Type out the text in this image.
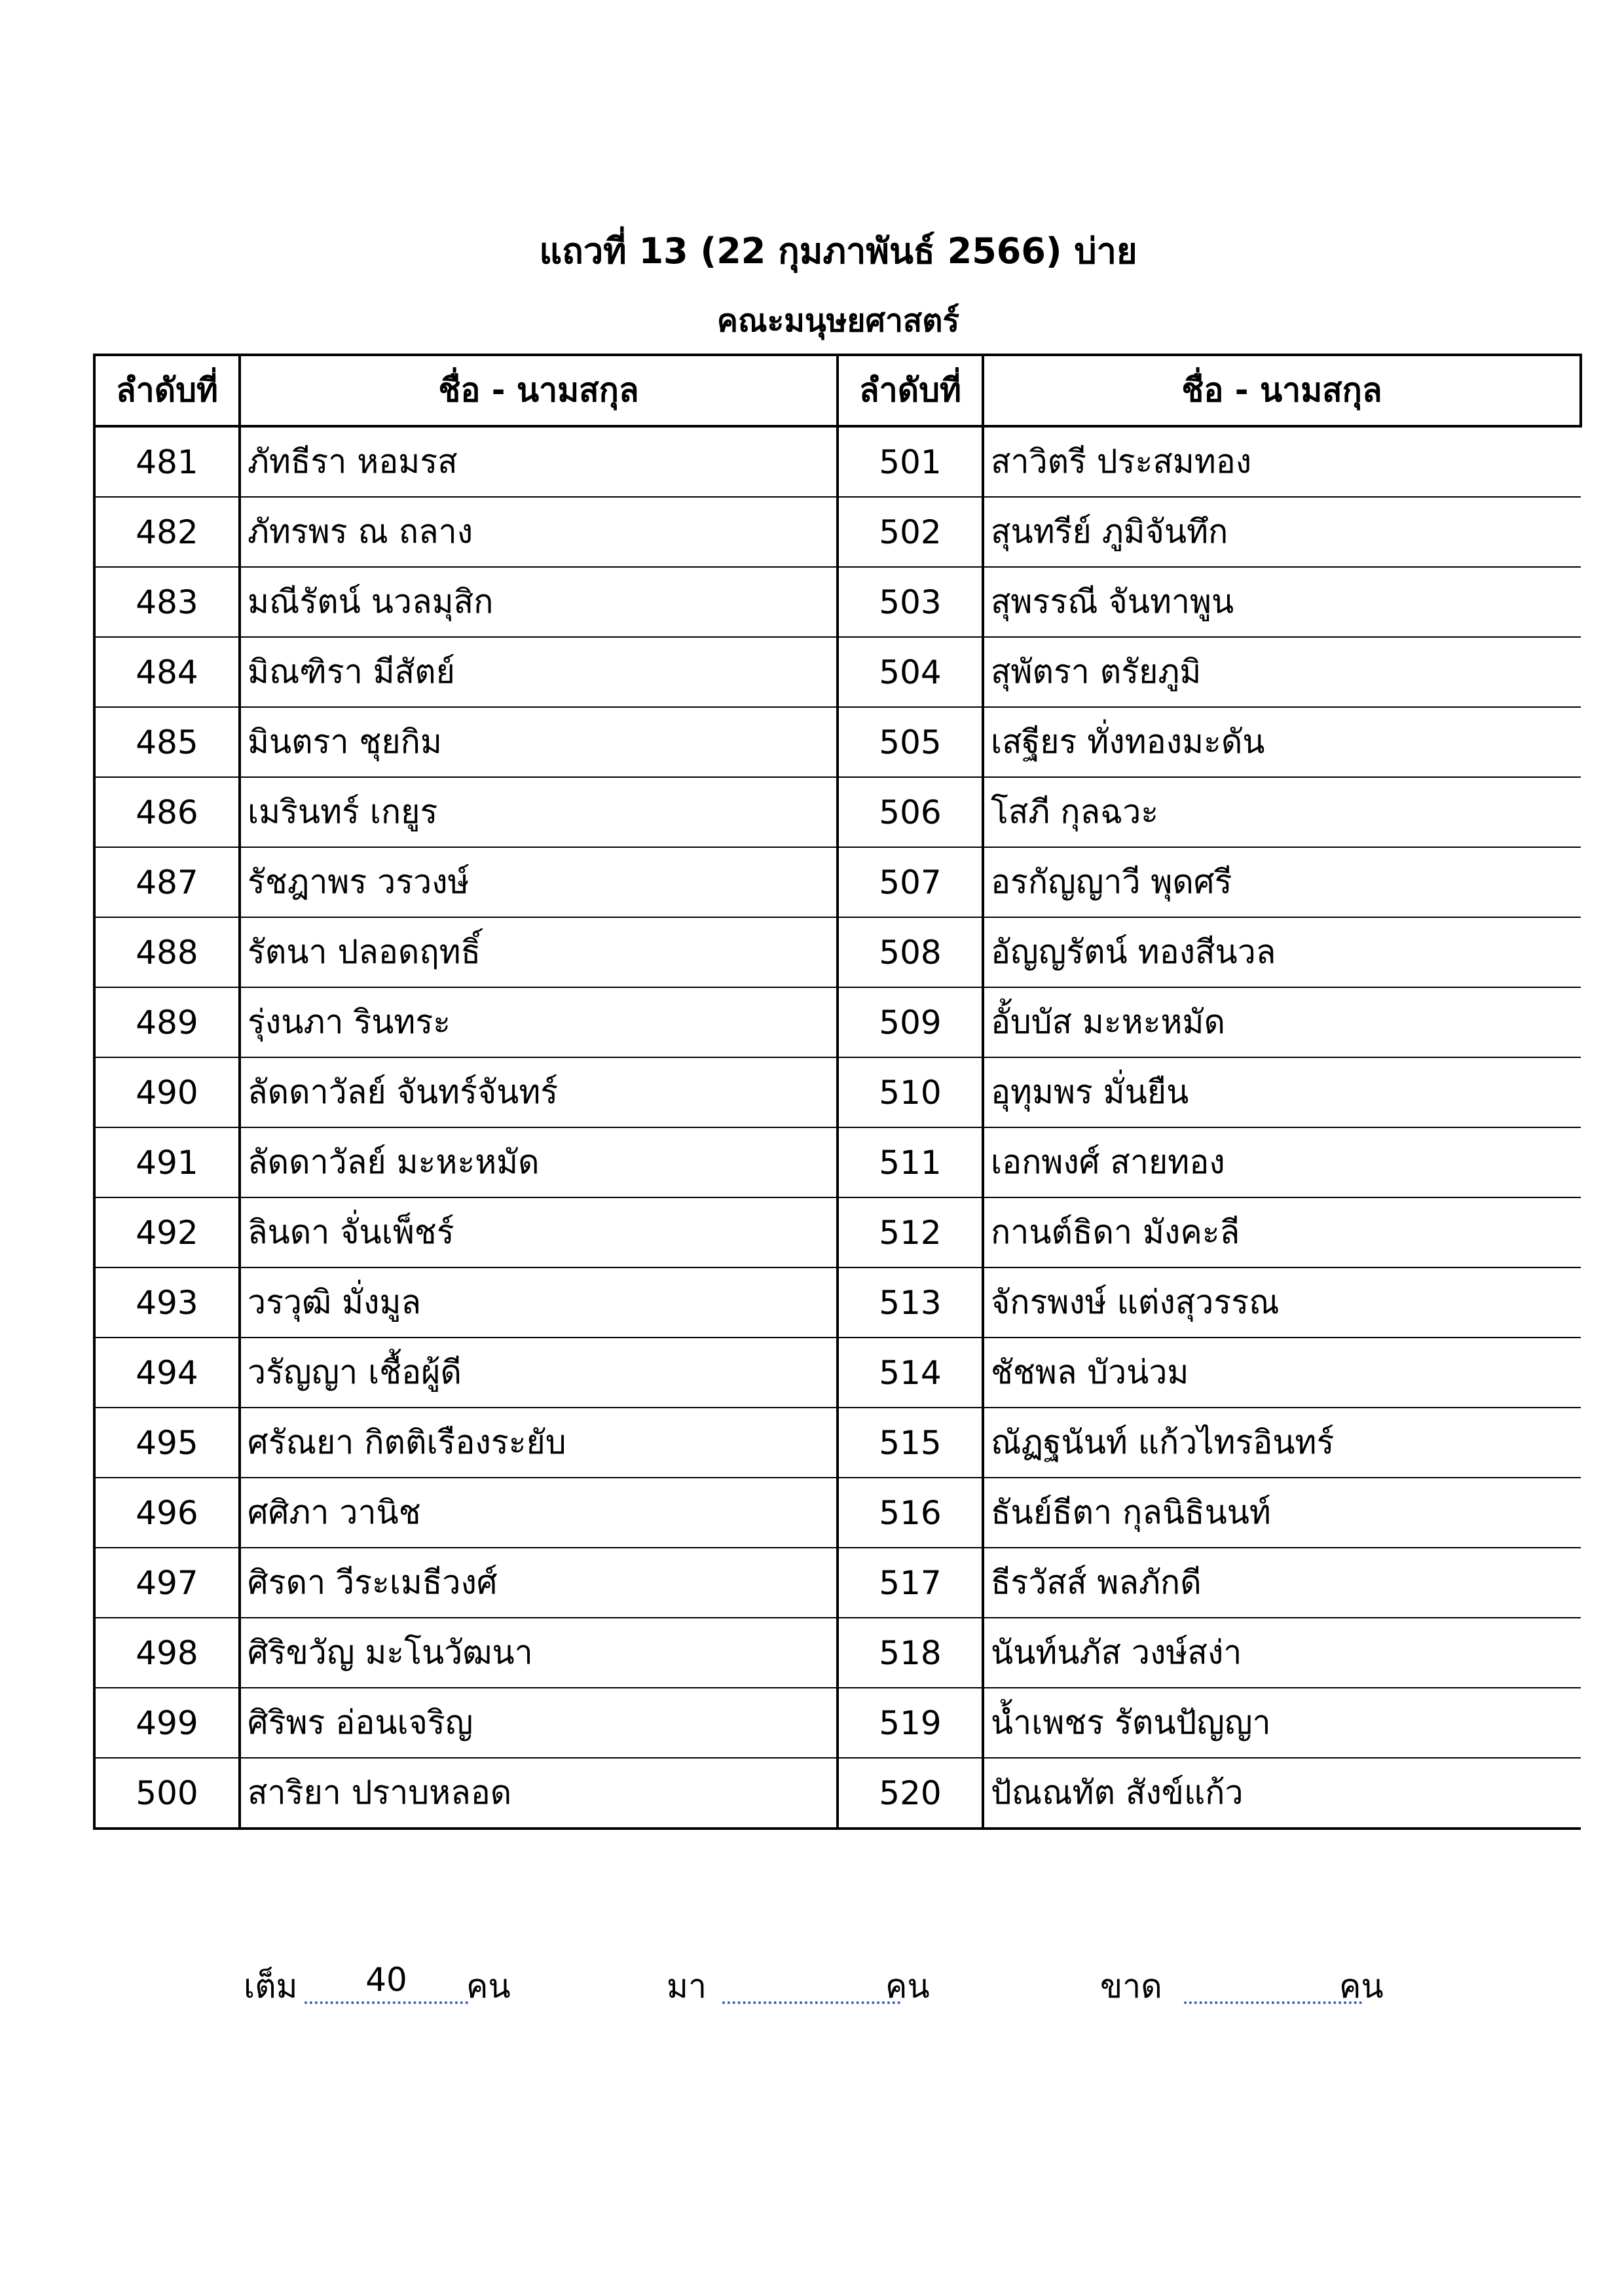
แถวที่ 13 (22 กุมภาพันธ์ 2566) บ่าย
คณะมนุษยศาสตร์
ลำดับที่	ชื่อ - นามสกุล	ลำดับที่	ชื่อ - นามสกุล
481	ภัทธีรา หอมรส	501	สาวิตรี ประสมทอง
482	ภัทรพร ณ ถลาง	502	สุนทรีย์ ภูมิจันทึก
483	มณีรัตน์ นวลมุสิก	503	สุพรรณี จันทาพูน
484	มิณฑิรา มีสัตย์	504	สุพัตรา ตรัยภูมิ
485	มินตรา ชุยกิม	505	เสฐียร ทั่งทองมะดัน
486	เมรินทร์ เกยูร	506	โสภี กุลฉวะ
487	รัชฎาพร วรวงษ์	507	อรกัญญาวี พุดศรี
488	รัตนา ปลอดฤทธิ์	508	อัญญรัตน์ ทองสีนวล
489	รุ่งนภา รินทระ	509	อั้บบัส มะหะหมัด
490	ลัดดาวัลย์ จันทร์จันทร์	510	อุทุมพร มั่นยืน
491	ลัดดาวัลย์ มะหะหมัด	511	เอกพงศ์ สายทอง
492	ลินดา จั่นเพ็ชร์	512	กานต์ธิดา มังคะลี
493	วรวุฒิ มั่งมูล	513	จักรพงษ์ แต่งสุวรรณ
494	วรัญญา เชื้อผู้ดี	514	ชัชพล บัวน่วม
495	ศรัณยา กิตติเรืองระยับ	515	ณัฏฐนันท์ แก้วไทรอินทร์
496	ศศิภา วานิช	516	ธันย์ธีตา กุลนิธินนท์
497	ศิรดา วีระเมธีวงศ์	517	ธีรวัสส์ พลภักดี
498	ศิริขวัญ มะโนวัฒนา	518	นันท์นภัส วงษ์สง่า
499	ศิริพร อ่อนเจริญ	519	น้ำเพชร รัตนปัญญา
500	สาริยา ปราบหลอด	520	ปัณณทัต สังข์แก้ว
เต็ม	40	คน	มา	คน	ขาด	คน
